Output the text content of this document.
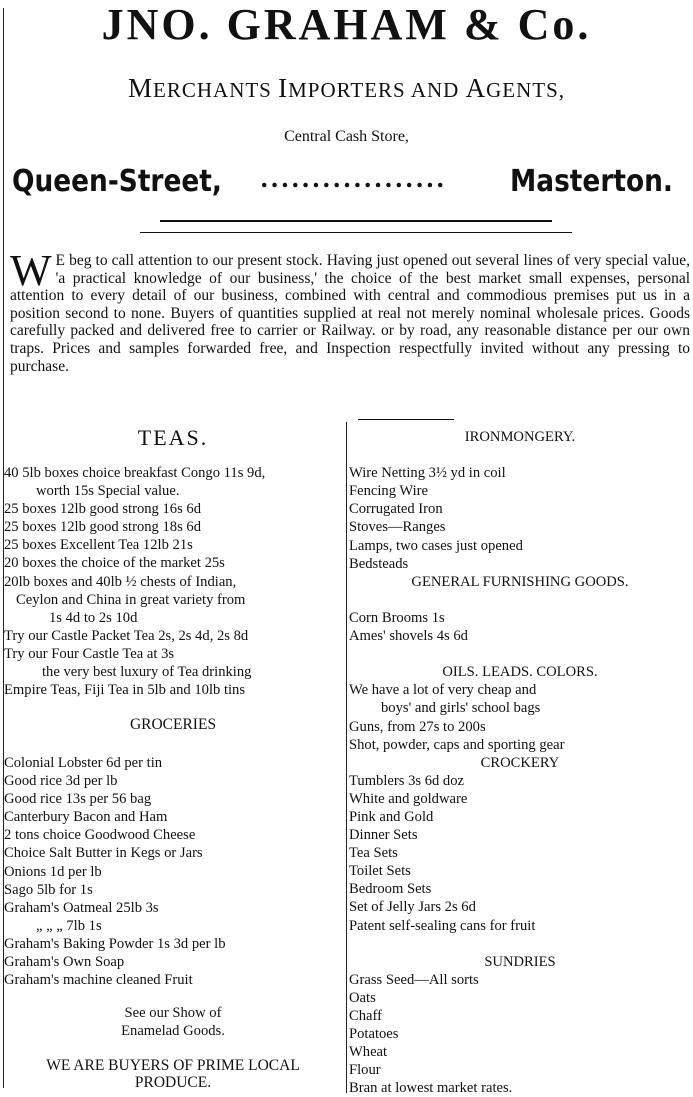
JNO. GRAHAM & Co.
MERCHANTS IMPORTERS AND AGENTS,
Central Cash Store,
Queen-Street, .................. Masterton.
W E beg to call attention to our present stock. Having just opened out several lines of very special value, 'a practical knowledge of our business,' the choice of the best market small expenses, personal attention to every detail of our business, combined with central and commodious premises put us in a position second to none. Buyers of quantities supplied at real not merely nominal wholesale prices. Goods carefully packed and delivered free to carrier or Railway. or by road, any reasonable distance per our own traps. Prices and samples forwarded free, and Inspection respectfully invited without any pressing to purchase.
TEAS.
40 5lb boxes choice breakfast Congo 11s 9d,
worth 15s Special value.
25 boxes 12lb good strong 16s 6d
25 boxes 12lb good strong 18s 6d
25 boxes Excellent Tea 12lb 21s
20 boxes the choice of the market 25s
20lb boxes and 40lb ½ chests of Indian,
Ceylon and China in great variety from
1s 4d to 2s 10d
Try our Castle Packet Tea 2s, 2s 4d, 2s 8d
Try our Four Castle Tea at 3s
the very best luxury of Tea drinking
Empire Teas, Fiji Tea in 5lb and 10lb tins
GROCERIES
Colonial Lobster 6d per tin
Good rice 3d per lb
Good rice 13s per 56 bag
Canterbury Bacon and Ham
2 tons choice Goodwood Cheese
Choice Salt Butter in Kegs or Jars
Onions 1d per lb
Sago 5lb for 1s
Graham's Oatmeal 25lb 3s
„ „ „ 7lb 1s
Graham's Baking Powder 1s 3d per lb
Graham's Own Soap
Graham's machine cleaned Fruit
See our Show of
Enamelad Goods.
WE ARE BUYERS OF PRIME LOCAL
PRODUCE.
IRONMONGERY.
Wire Netting 3½ yd in coil
Fencing Wire
Corrugated Iron
Stoves—Ranges
Lamps, two cases just opened
Bedsteads
GENERAL FURNISHING GOODS.
Corn Brooms 1s
Ames' shovels 4s 6d
OILS. LEADS. COLORS.
We have a lot of very cheap and
boys' and girls' school bags
Guns, from 27s to 200s
Shot, powder, caps and sporting gear
CROCKERY
Tumblers 3s 6d doz
White and goldware
Pink and Gold
Dinner Sets
Tea Sets
Toilet Sets
Bedroom Sets
Set of Jelly Jars 2s 6d
Patent self-sealing cans for fruit
SUNDRIES
Grass Seed—All sorts
Oats
Chaff
Potatoes
Wheat
Flour
Bran at lowest market rates.
